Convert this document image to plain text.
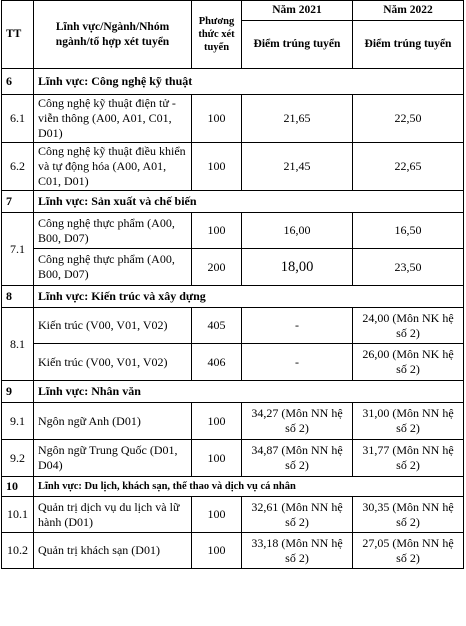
TT	Lĩnh vực/Ngành/Nhóm ngành/tổ hợp xét tuyển	Phương thức xét tuyển	Năm 2021	Năm 2022
			Điểm trúng tuyển	Điểm trúng tuyển
6	Lĩnh vực: Công nghệ kỹ thuật			
6.1	Công nghệ kỹ thuật điện tử - viễn thông (A00, A01, C01, D01)	100	21,65	22,50
6.2	Công nghệ kỹ thuật điều khiển và tự động hóa (A00, A01, C01, D01)	100	21,45	22,65
7	Lĩnh vực: Sản xuất và chế biến			
7.1	Công nghệ thực phẩm (A00, B00, D07)	100	16,00	16,50
	Công nghệ thực phẩm (A00, B00, D07)	200	18,00	23,50
8	Lĩnh vực: Kiến trúc và xây dựng			
8.1	Kiến trúc (V00, V01, V02)	405	-	24,00 (Môn NK hệ số 2)
	Kiến trúc (V00, V01, V02)	406	-	26,00 (Môn NK hệ số 2)
9	Lĩnh vực: Nhân văn			
9.1	Ngôn ngữ Anh (D01)	100	34,27 (Môn NN hệ số 2)	31,00 (Môn NN hệ số 2)
9.2	Ngôn ngữ Trung Quốc (D01, D04)	100	34,87 (Môn NN hệ số 2)	31,77 (Môn NN hệ số 2)
10	Lĩnh vực: Du lịch, khách sạn, thể thao và dịch vụ cá nhân			
10.1	Quản trị dịch vụ du lịch và lữ hành (D01)	100	32,61 (Môn NN hệ số 2)	30,35 (Môn NN hệ số 2)
10.2	Quản trị khách sạn (D01)	100	33,18 (Môn NN hệ số 2)	27,05 (Môn NN hệ số 2)
